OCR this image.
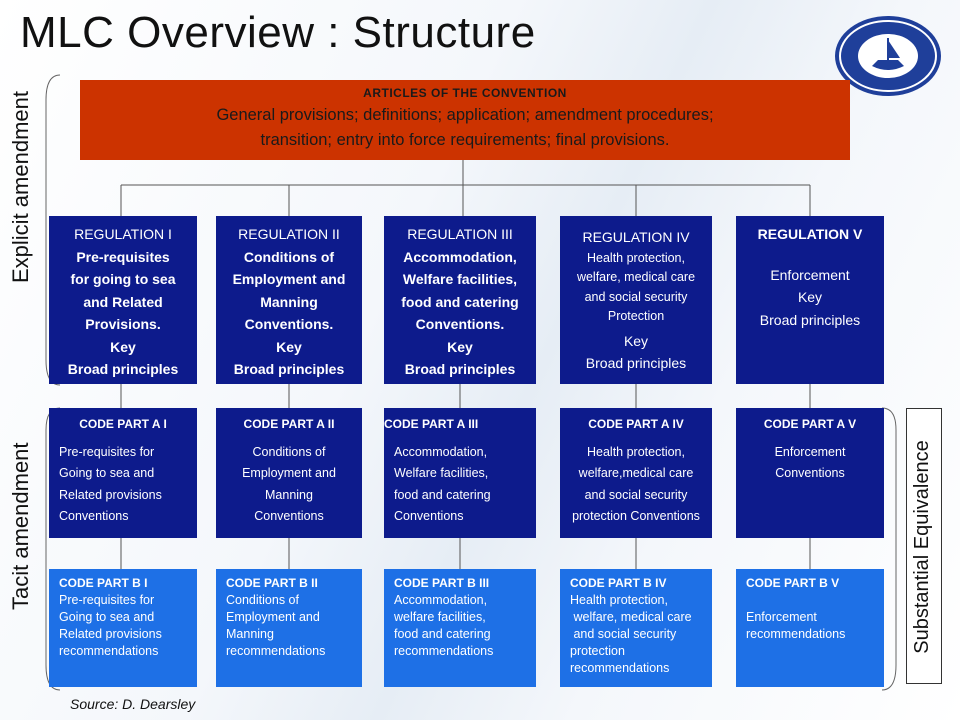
MLC Overview : Structure
ARTICLES OF THE CONVENTION
General provisions; definitions; application; amendment procedures;
transition; entry into force requirements; final provisions.
REGULATION I
Pre-requisites
for going to sea
and Related
Provisions.
Key
Broad principles
REGULATION II
Conditions of
Employment and
Manning
Conventions.
Key
Broad principles
REGULATION III
Accommodation,
Welfare facilities,
food and catering
Conventions.
Key
Broad principles
REGULATION IV
Health protection,
welfare, medical care
and social security
Protection
Key
Broad principles
REGULATION V
Enforcement
Key
Broad principles
CODE PART A I
Pre-requisites for
Going to sea and
Related provisions
Conventions
CODE PART A II
Conditions of
Employment and
Manning
Conventions
CODE PART A III
Accommodation,
Welfare facilities,
food and catering
Conventions
CODE PART A IV
Health protection,
welfare,medical care
and social security
protection Conventions
CODE PART A V
Enforcement
Conventions
CODE PART B I
Pre-requisites for
Going to sea and
Related provisions
recommendations
CODE PART B II
Conditions of
Employment and
Manning
recommendations
CODE PART B III
Accommodation,
welfare facilities,
food and catering
recommendations
CODE PART B IV
Health protection,
welfare, medical care
and social security
protection
recommendations
CODE PART B V
Enforcement
recommendations
Explicit amendment
Tacit amendment	Substantial Equivalence
Source: D. Dearsley
